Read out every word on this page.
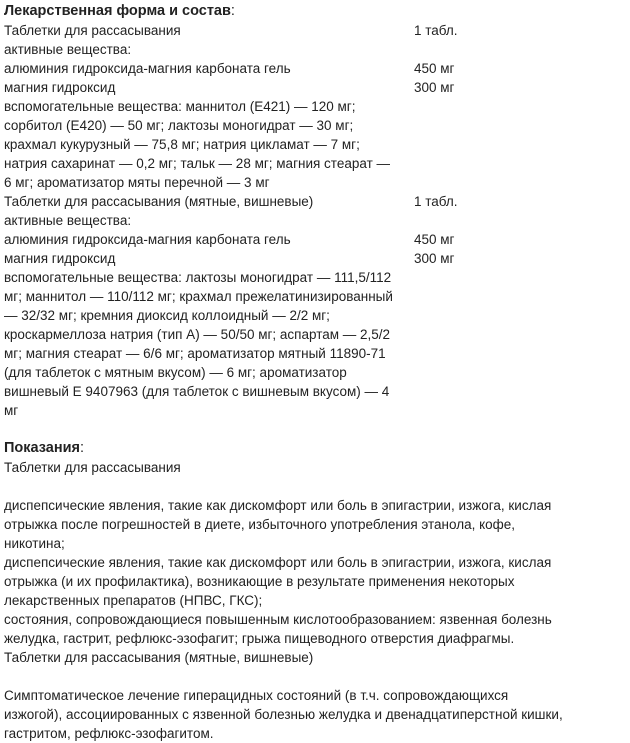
Лекарственная форма и состав:
Таблетки для рассасывания	1 табл.
активные вещества:
алюминия гидроксида-магния карбоната гель	450 мг
магния гидроксид	300 мг
вспомогательные вещества: маннитол (Е421) — 120 мг; сорбитол (Е420) — 50 мг; лактозы моногидрат — 30 мг; крахмал кукурузный — 75,8 мг; натрия цикламат — 7 мг; натрия сахаринат — 0,2 мг; тальк — 28 мг; магния стеарат — 6 мг; ароматизатор мяты перечной — 3 мг
Таблетки для рассасывания (мятные, вишневые)	1 табл.
активные вещества:
алюминия гидроксида-магния карбоната гель	450 мг
магния гидроксид	300 мг
вспомогательные вещества: лактозы моногидрат — 111,5/112 мг; маннитол — 110/112 мг; крахмал прежелатинизированный — 32/32 мг; кремния диоксид коллоидный — 2/2 мг; кроскармеллоза натрия (тип А) — 50/50 мг; аспартам — 2,5/2 мг; магния стеарат — 6/6 мг; ароматизатор мятный 11890-71 (для таблеток с мятным вкусом) — 6 мг; ароматизатор вишневый Е 9407963 (для таблеток с вишневым вкусом) — 4 мг
Показания:
Таблетки для рассасывания
диспепсические явления, такие как дискомфорт или боль в эпигастрии, изжога, кислая отрыжка после погрешностей в диете, избыточного употребления этанола, кофе, никотина;
диспепсические явления, такие как дискомфорт или боль в эпигастрии, изжога, кислая отрыжка (и их профилактика), возникающие в результате применения некоторых лекарственных препаратов (НПВС, ГКС);
состояния, сопровождающиеся повышенным кислотообразованием: язвенная болезнь желудка, гастрит, рефлюкс-эзофагит; грыжа пищеводного отверстия диафрагмы.
Таблетки для рассасывания (мятные, вишневые)
Симптоматическое лечение гиперацидных состояний (в т.ч. сопровождающихся изжогой), ассоциированных с язвенной болезнью желудка и двенадцатиперстной кишки, гастритом, рефлюкс-эзофагитом.
